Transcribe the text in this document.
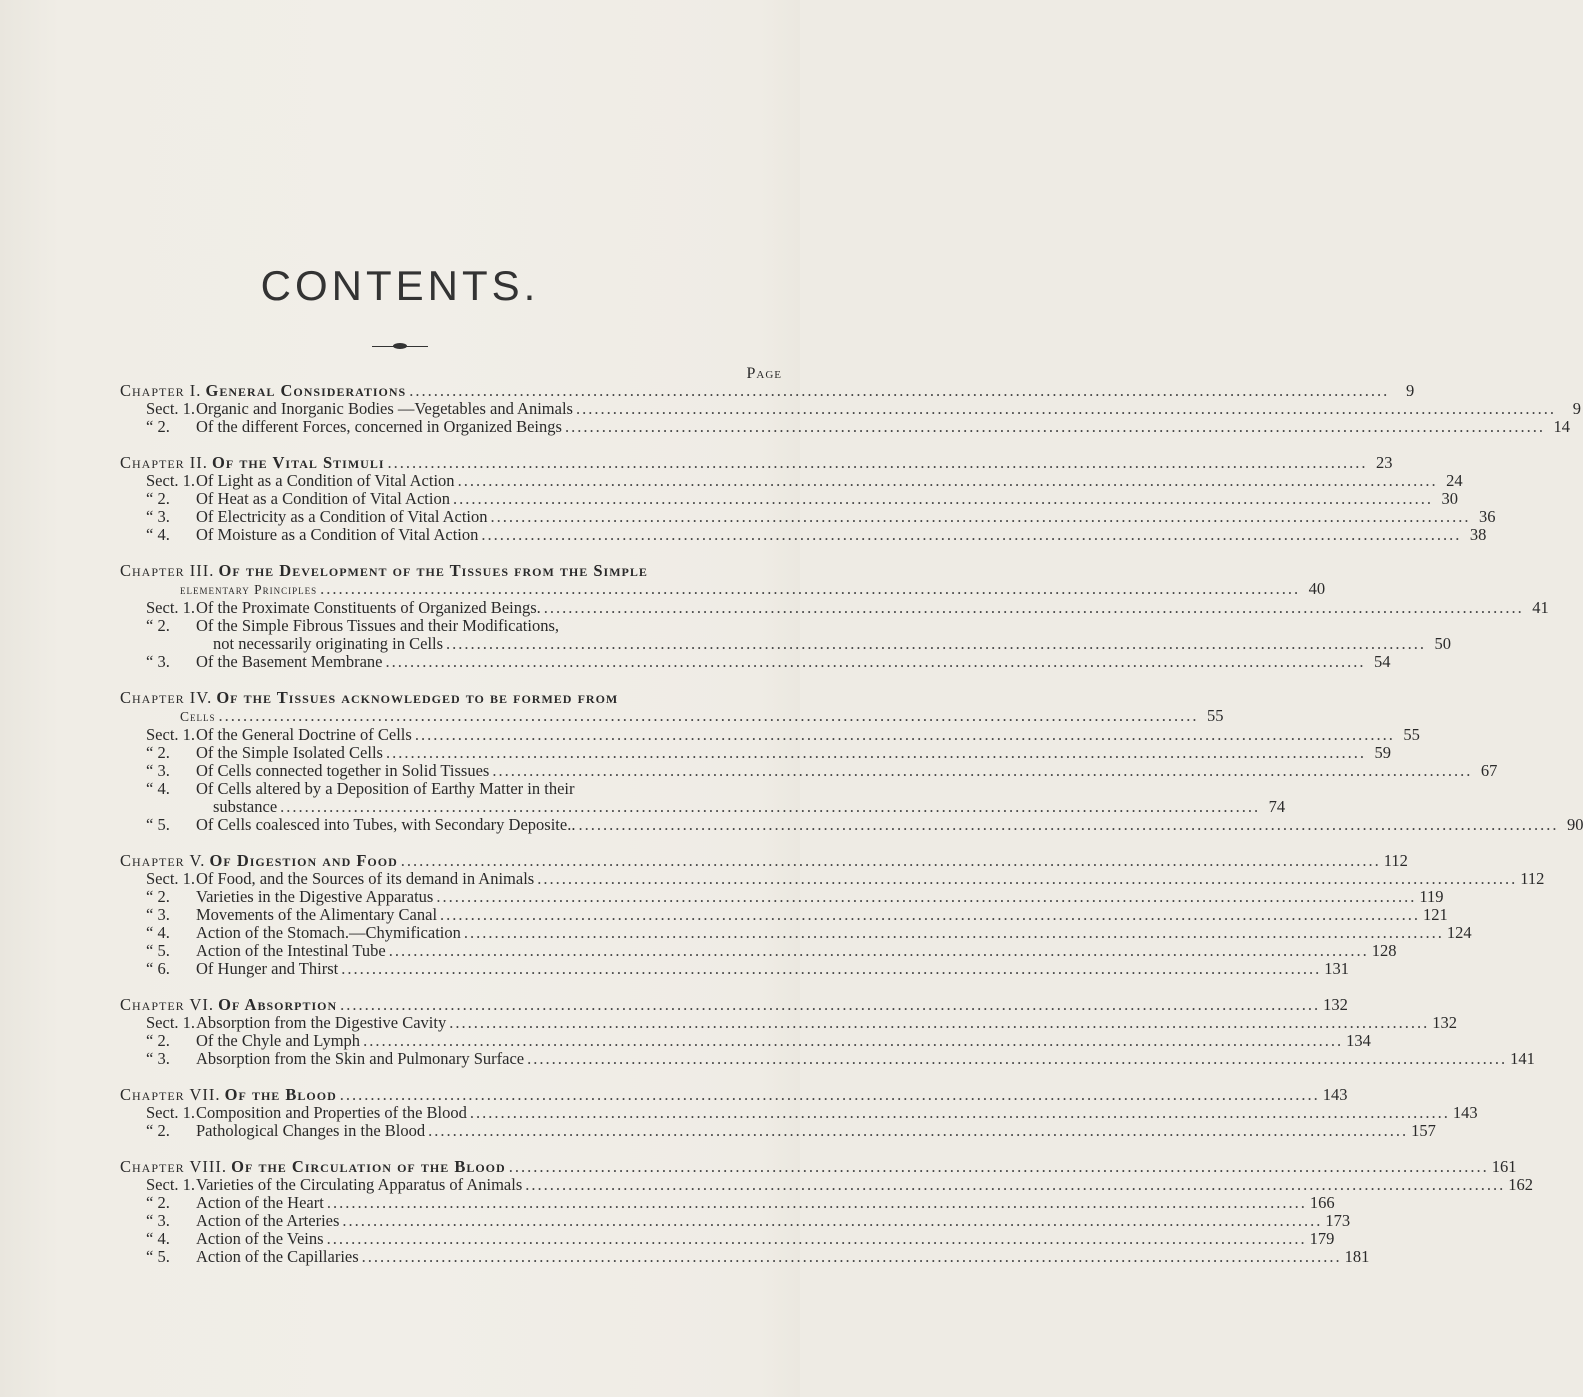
CONTENTS.
Page
Chapter I. General Considerations .....	9
Sect. 1.Organic and Inorganic Bodies —Vegetables and Animals .....	9
“ 2. Of the different Forces, concerned in Organized Beings .....	14
Chapter II. Of the Vital Stimuli .....	23
Sect. 1.Of Light as a Condition of Vital Action .....	24
“ 2. Of Heat as a Condition of Vital Action .....	30
“ 3. Of Electricity as a Condition of Vital Action .....	36
“ 4. Of Moisture as a Condition of Vital Action .....	38
Chapter III. Of the Development of the Tissues from the Simple
elementary Principles .....	40
Sect. 1.Of the Proximate Constituents of Organized Beings. .....	41
“ 2. Of the Simple Fibrous Tissues and their Modifications,
not necessarily originating in Cells .....	50
“ 3. Of the Basement Membrane .....	54
Chapter IV. Of the Tissues acknowledged to be formed from
Cells .....	55
Sect. 1.Of the General Doctrine of Cells .....	55
“ 2. Of the Simple Isolated Cells .....	59
“ 3. Of Cells connected together in Solid Tissues .....	67
“ 4. Of Cells altered by a Deposition of Earthy Matter in their
substance .....	74
“ 5. Of Cells coalesced into Tubes, with Secondary Deposite.. .....	90
Chapter V. Of Digestion and Food .....	112
Sect. 1.Of Food, and the Sources of its demand in Animals .....	112
“ 2. Varieties in the Digestive Apparatus .....	119
“ 3. Movements of the Alimentary Canal .....	121
“ 4. Action of the Stomach.—Chymification .....	124
“ 5. Action of the Intestinal Tube .....	128
“ 6. Of Hunger and Thirst .....	131
Chapter VI. Of Absorption .....	132
Sect. 1.Absorption from the Digestive Cavity .....	132
“ 2. Of the Chyle and Lymph .....	134
“ 3. Absorption from the Skin and Pulmonary Surface .....	141
Chapter VII. Of the Blood .....	143
Sect. 1.Composition and Properties of the Blood .....	143
“ 2. Pathological Changes in the Blood .....	157
Chapter VIII. Of the Circulation of the Blood .....	161
Sect. 1.Varieties of the Circulating Apparatus of Animals .....	162
“ 2. Action of the Heart .....	166
“ 3. Action of the Arteries .....	173
“ 4. Action of the Veins .....	179
“ 5. Action of the Capillaries .....	181
